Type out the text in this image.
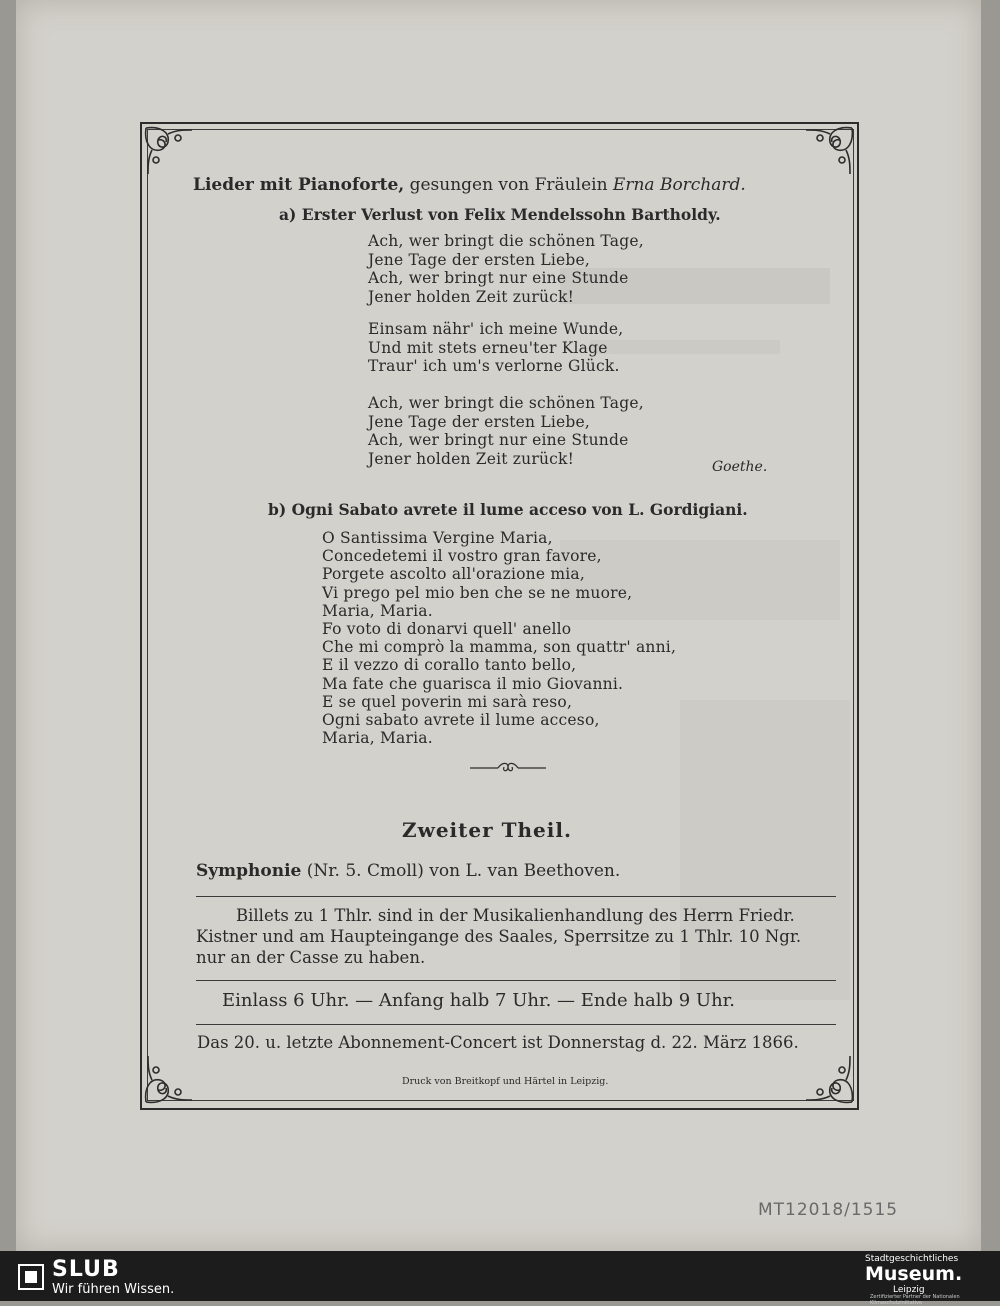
Lieder mit Pianoforte, gesungen von Fräulein Erna Borchard.
a) Erster Verlust von Felix Mendelssohn Bartholdy.
Ach, wer bringt die schönen Tage,
Jene Tage der ersten Liebe,
Ach, wer bringt nur eine Stunde
Jener holden Zeit zurück!
Einsam nähr' ich meine Wunde,
Und mit stets erneu'ter Klage
Traur' ich um's verlorne Glück.
Ach, wer bringt die schönen Tage,
Jene Tage der ersten Liebe,
Ach, wer bringt nur eine Stunde
Jener holden Zeit zurück!	Goethe.
b) Ogni Sabato avrete il lume acceso von L. Gordigiani.
O Santissima Vergine Maria,
Concedetemi il vostro gran favore,
Porgete ascolto all'orazione mia,
Vi prego pel mio ben che se ne muore,
Maria, Maria.
Fo voto di donarvi quell' anello
Che mi comprò la mamma, son quattr' anni,
E il vezzo di corallo tanto bello,
Ma fate che guarisca il mio Giovanni.
E se quel poverin mi sarà reso,
Ogni sabato avrete il lume acceso,
Maria, Maria.
Zweiter Theil.
Symphonie (Nr. 5. Cmoll) von L. van Beethoven.
Billets zu 1 Thlr. sind in der Musikalienhandlung des Herrn Friedr.
Kistner und am Haupteingange des Saales, Sperrsitze zu 1 Thlr. 10 Ngr.
nur an der Casse zu haben.
Einlass 6 Uhr. — Anfang halb 7 Uhr. — Ende halb 9 Uhr.
Das 20. u. letzte Abonnement-Concert ist Donnerstag d. 22. März 1866.
Druck von Breitkopf und Härtel in Leipzig.
MT12018/1515
SLUB
Wir führen Wissen.
Stadtgeschichtliches
Museum.
Leipzig
Zertifizierter Partner der Nationalen Klimaschutzinitiative
